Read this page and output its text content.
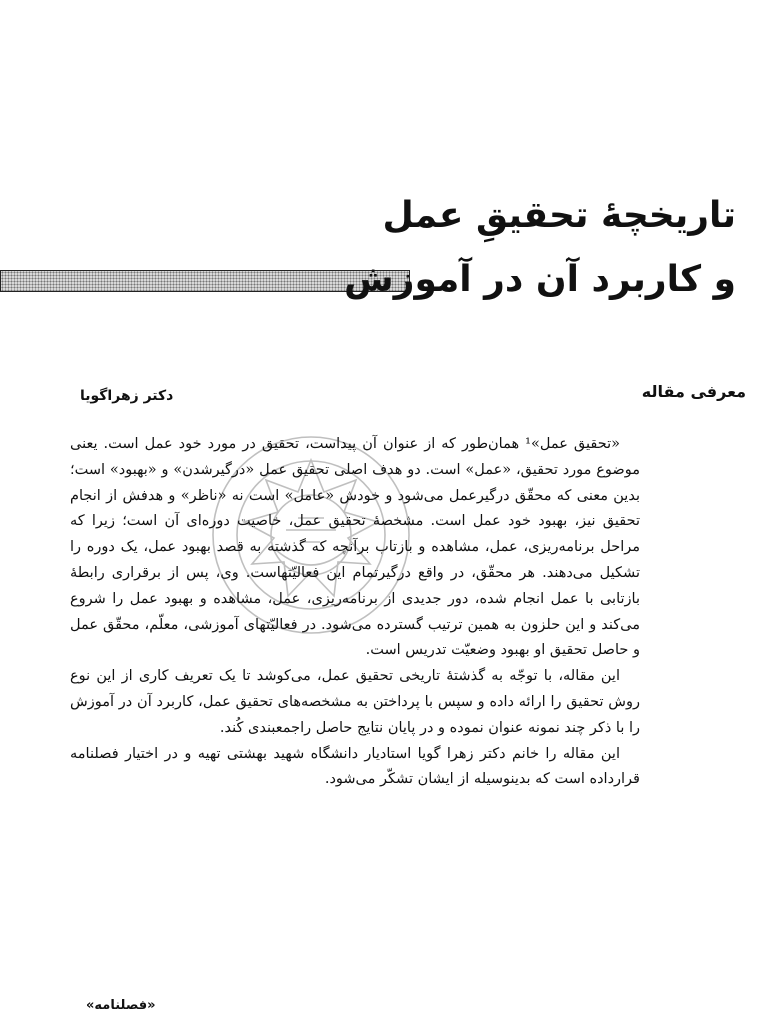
تاریخچهٔ تحقیقِ عمل
و کاربرد آن در آموزش
معرفی مقاله
دکتر زهراگویا

«تحقیق عمل»¹ همان‌طور که از عنوان آن پیداست، تحقیق در مورد خود عمل است. یعنی موضوع مورد تحقیق، «عمل» است. دو هدف اصلی تحقیق عمل «درگیرشدن» و «بهبود» است؛ بدین معنی که محقّق درگیرعمل می‌شود و خودش «عامل» است نه «ناظر» و هدفش از انجام تحقیق نیز، بهبود خود عمل است. مشخصهٔ تحقیق عمل، خاصیت دوره‌ای آن است؛ زیرا که مراحل برنامه‌ریزی، عمل، مشاهده و بازتاب برآنچه که گذشته به قصد بهبود عمل، یک دوره را تشکیل می‌دهند. هر محقّق، در واقع درگیرتمام این فعالیّتهاست. وی، پس از برقراری رابطهٔ بازتابی با عمل انجام شده، دور جدیدی از برنامه‌ریزی، عمل، مشاهده و بهبود عمل را شروع می‌کند و این حلزون به همین ترتیب گسترده می‌شود. در فعالیّتهای آموزشی، معلّم، محقّق عمل و حاصل تحقیق او بهبود وضعیّت تدریس است.

این مقاله، با توجّه به گذشتهٔ تاریخی تحقیق عمل، می‌کوشد تا یک تعریف کاری از این نوع روش تحقیق را ارائه داده و سپس با پرداختن به مشخصه‌های تحقیق عمل، کاربرد آن در آموزش را با ذکر چند نمونه عنوان نموده و در پایان نتایج حاصل راجمعبندی کُند.

این مقاله را خانم دکتر زهرا گویا استادیار دانشگاه شهید بهشتی تهیه و در اختیار فصلنامه قرارداده است که بدینوسیله از ایشان تشکّر می‌شود.

«فصلنامه»
